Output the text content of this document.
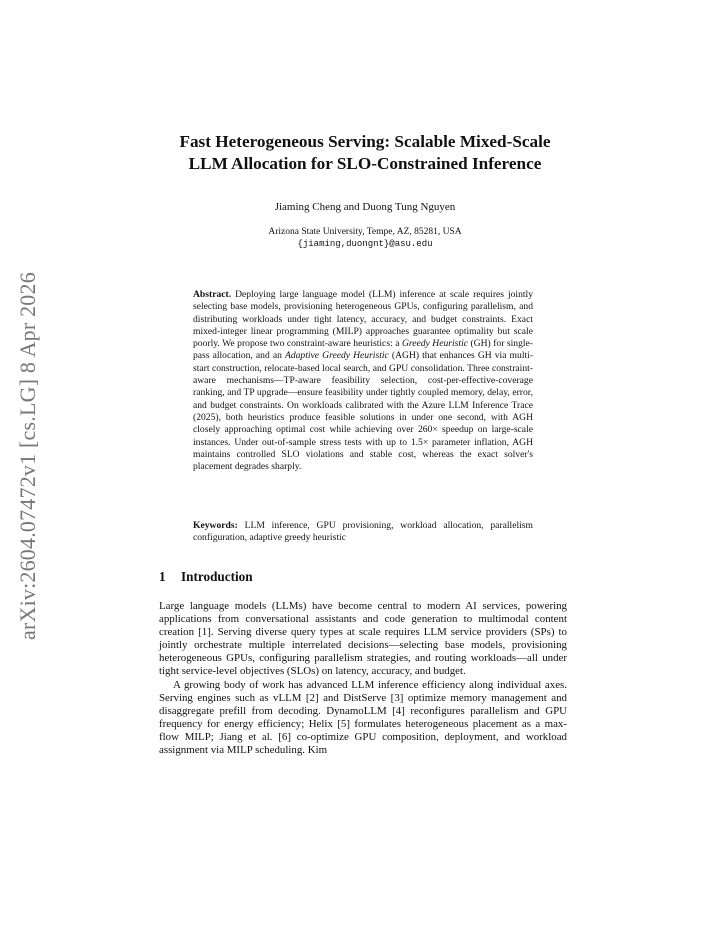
arXiv:2604.07472v1 [cs.LG] 8 Apr 2026
Fast Heterogeneous Serving: Scalable Mixed-Scale
LLM Allocation for SLO-Constrained Inference
Jiaming Cheng and Duong Tung Nguyen
Arizona State University, Tempe, AZ, 85281, USA
{jiaming,duongnt}@asu.edu
Abstract. Deploying large language model (LLM) inference at scale requires jointly selecting base models, provisioning heterogeneous GPUs, configuring parallelism, and distributing workloads under tight latency, accuracy, and budget constraints. Exact mixed-integer linear programming (MILP) approaches guarantee optimality but scale poorly. We propose two constraint-aware heuristics: a Greedy Heuristic (GH) for single-pass allocation, and an Adaptive Greedy Heuristic (AGH) that enhances GH via multi-start construction, relocate-based local search, and GPU consolidation. Three constraint-aware mechanisms—TP-aware feasibility selection, cost-per-effective-coverage ranking, and TP upgrade—ensure feasibility under tightly coupled memory, delay, error, and budget constraints. On workloads calibrated with the Azure LLM Inference Trace (2025), both heuristics produce feasible solutions in under one second, with AGH closely approaching optimal cost while achieving over 260× speedup on large-scale instances. Under out-of-sample stress tests with up to 1.5× parameter inflation, AGH maintains controlled SLO violations and stable cost, whereas the exact solver's placement degrades sharply.
Keywords: LLM inference, GPU provisioning, workload allocation, parallelism configuration, adaptive greedy heuristic
1 Introduction

Large language models (LLMs) have become central to modern AI services, powering applications from conversational assistants and code generation to multimodal content creation [1]. Serving diverse query types at scale requires LLM service providers (SPs) to jointly orchestrate multiple interrelated decisions—selecting base models, provisioning heterogeneous GPUs, configuring parallelism strategies, and routing workloads—all under tight service-level objectives (SLOs) on latency, accuracy, and budget.

A growing body of work has advanced LLM inference efficiency along individual axes. Serving engines such as vLLM [2] and DistServe [3] optimize memory management and disaggregate prefill from decoding. DynamoLLM [4] reconfigures parallelism and GPU frequency for energy efficiency; Helix [5] formulates heterogeneous placement as a max-flow MILP; Jiang et al. [6] co-optimize GPU composition, deployment, and workload assignment via MILP scheduling. Kim
